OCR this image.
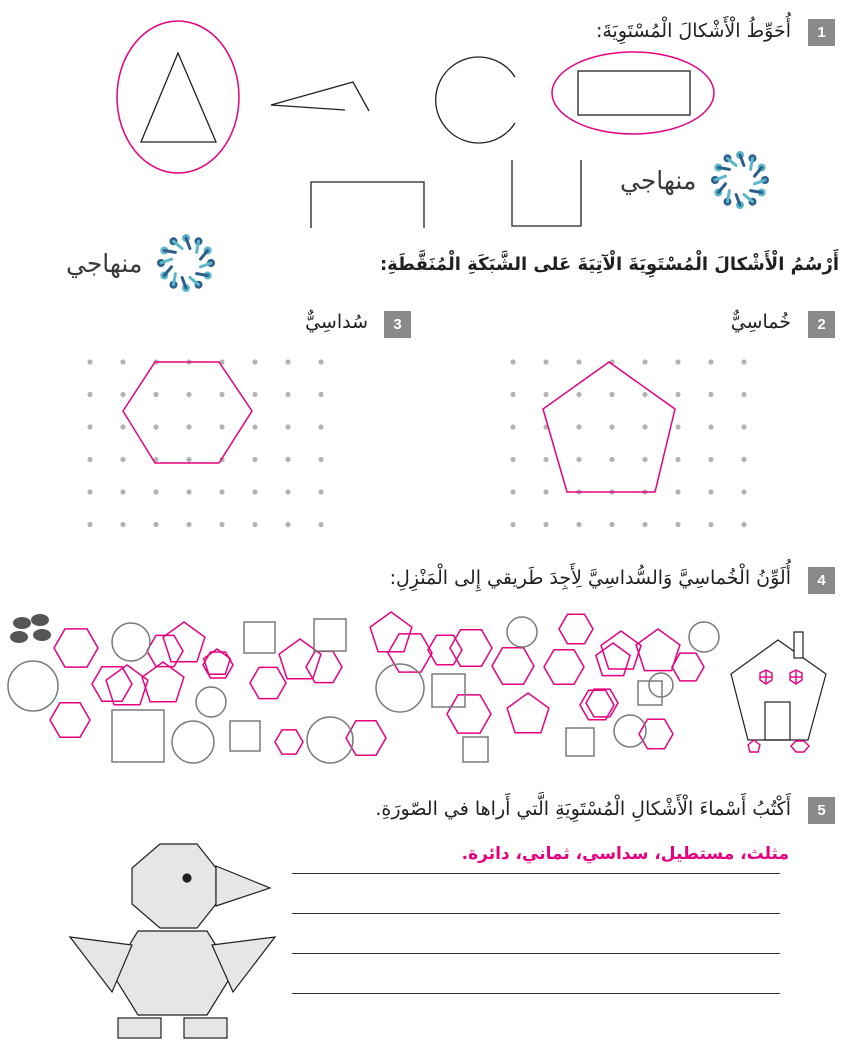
1
أُحَوِّطُ الْأَشْكالَ الْمُسْتَوِيَةَ:
منهاجي
منهاجي	أَرْسُمُ الْأَشْكالَ الْمُسْتَوِيَةَ الْآتِيَةَ عَلى الشَّبَكَةِ الْمُنَقَّطَةِ:
2
خُماسِيٌّ
3
سُداسِيٌّ
4
أُلَوِّنُ الْخُماسِيَّ وَالسُّداسِيَّ لِأَجِدَ طَريقي إِلى الْمَنْزِلِ:
5
أَكْتُبُ أَسْماءَ الْأَشْكالِ الْمُسْتَوِيَةِ الَّتي أَراها في الصّورَةِ.
مثلث، مستطيل، سداسي، ثماني، دائرة.
